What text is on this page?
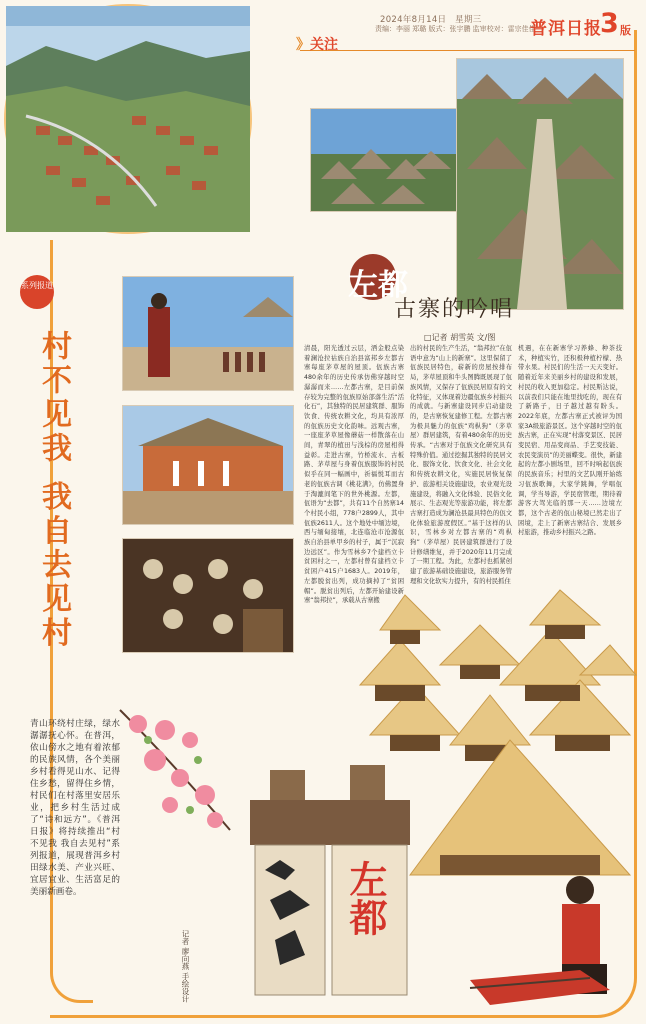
2024年8月14日　星期三
责编：李丽 郑璐 版式：张宇鹏 监审校对：雷宗佳佳
普洱日报
3 版
》关注
左都
古寨的吟唱
□记者 胡雪英 文/图
系列报道
村不见我 我自去见村
青山环绕村庄绿，绿水潺潺抚心怀。在普洱，依山傍水之地有着浓郁的民族风情，各个美丽乡村看得见山水、记得住乡愁，留得住乡情，村民们在村落里安居乐业，把乡村生活过成了“诗和远方”。《普洱日报》将持续推出“村不见我 我自去见村”系列报道，展现普洱乡村田绿水美、产业兴旺、宜居宜业、生活富足的美丽新画卷。
清晨，阳光透过云层，洒金般点染着澜沧拉祜族自治县富邦乡左都古寨每座茅草屋的屋顶。佤族古寨480余年的历史传承仿佛穿越时空潺潺而来……左都古寨，是目前保存较为完整的佤族原始部落生活“活化石”，其独特的民居建筑群、服饰饮食、传统农耕文化，均具有浓厚的佤族历史文化韵味。远观古寨，一座座茅草屋像蘑菇一样散落在山间，青翠的植田与浅棕的房屋相得益彰。走进古寨，竹桥流水、古板路、茅草屋与身着佤族服饰的村民似乎在同一幅画中，祈福悦耳而古老的佤族古调《桃花满》，仿佛置身于淘漉间笔下的世外桃源。左都，佤语为“去都”，共有11个自然寨14个村民小组，778户2899人，其中佤族2611人。这个地处中缅边境，西与缅甸接壤，北连临沧市沧源佤族自治县单甲乡的村子，属于“沉寂边远区”。作为雪林乡7个建档立卡贫困村之一，左都村曾有建档立卡贫困户415户1683人。2019年，左都脱贫出列，成功摘掉了“贫困帽”。脱贫出列后，左都开始建设新寨“翁邦拉”，承载从古寨搬
出的村民的生产生活，“翁邦拉”在佤语中意为“山上的新寨”。这里保留了佤族民居特色，崭新的房屋按排布局，茅草屋顶和牛头图腾既展现了佤族风情，又保存了佤族民居原有的文化特征，又体现着边疆佤族乡村振兴的成就。与新寨建设同步启动建设的，是古寨恢复建修工程。左都古寨为极具魅力的佤族“鸡枞狗”（茅草屋）群居建筑，有着480余年的历史传承。“古寨对于佤族文化研究具有特殊价值。通过挖掘其独特的民居文化、服饰文化、饮食文化、社会文化和传统农耕文化，实施民居恢复保护、旅游相关设施建设，农业观光设施建设，将融入文化体验、民俗文化展示、生态观光等旅游功能，将左都古寨打造成为澜沧县最具特色的佤文化体验旅游度假区。”基于这样的认识，雪林乡对左都古寨的“鸡枞狗”（茅草屋）民居建筑群进行了设计修缮维复，并于2020年11月完成了一期工程。为此，左都村也抓紧创建了旅游基础设施建设，旅游服务管理和文化软实力提升，有的村民抓住
机遇，在在新寨学习养蜂、种茶技术，种植实竹，还积极种植柠檬、热带水果。村民们的生活一天天变好。随着近年来美丽乡村的建设和发展，村民的收入更加稳定。村民斯达说，以前我们只能在地里找吃的，现在有了新路子，日子越过越有盼头。2022年底，左都古寨正式被评为国家3A级旅游景区。这个穿越时空的佤族古寨，正在实现“村落变景区、民居变民宿、用品变商品、手艺变技能、农民变演员”的美丽蝶变。很快，新建起的左都小剧场里，回不时响起佤族的民族音乐；村里的文艺队刚开始练习佤族歌舞，大家学跳舞，学唱佤调，学当导游，学民宿管理，期待着游客大驾光临的那一天……边境左都，这个古老的佤山秘境已然走出了困境，走上了新寨古寨结合、发展乡村旅游，推动乡村振兴之路。
左都
记者 廖向燕 手绘设计
